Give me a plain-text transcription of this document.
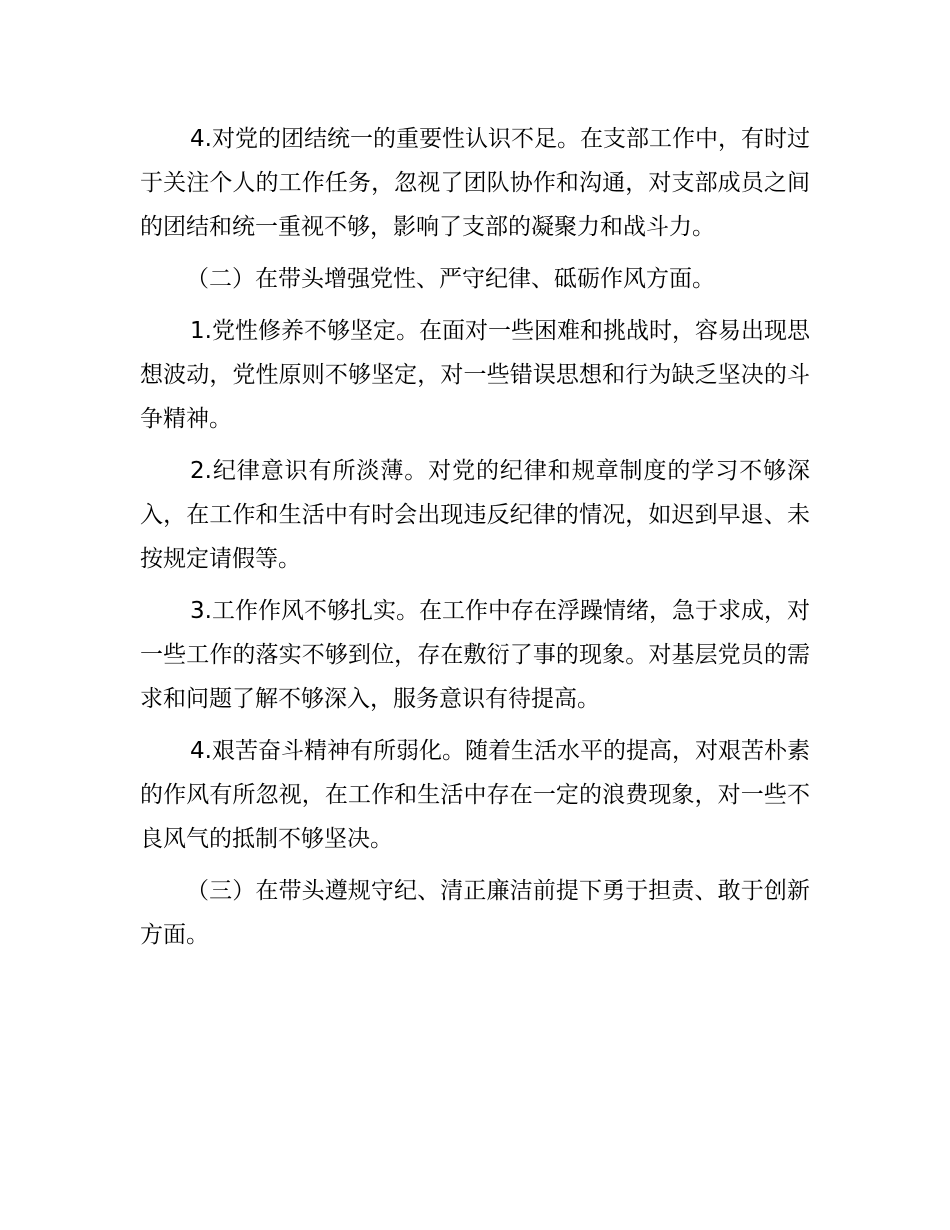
4.对党的团结统一的重要性认识不足。在支部工作中，有时过于关注个人的工作任务，忽视了团队协作和沟通，对支部成员之间的团结和统一重视不够，影响了支部的凝聚力和战斗力。

（二）在带头增强党性、严守纪律、砥砺作风方面。

1.党性修养不够坚定。在面对一些困难和挑战时，容易出现思想波动，党性原则不够坚定，对一些错误思想和行为缺乏坚决的斗争精神。

2.纪律意识有所淡薄。对党的纪律和规章制度的学习不够深入，在工作和生活中有时会出现违反纪律的情况，如迟到早退、未按规定请假等。

3.工作作风不够扎实。在工作中存在浮躁情绪，急于求成，对一些工作的落实不够到位，存在敷衍了事的现象。对基层党员的需求和问题了解不够深入，服务意识有待提高。

4.艰苦奋斗精神有所弱化。随着生活水平的提高，对艰苦朴素的作风有所忽视，在工作和生活中存在一定的浪费现象，对一些不良风气的抵制不够坚决。

（三）在带头遵规守纪、清正廉洁前提下勇于担责、敢于创新方面。
